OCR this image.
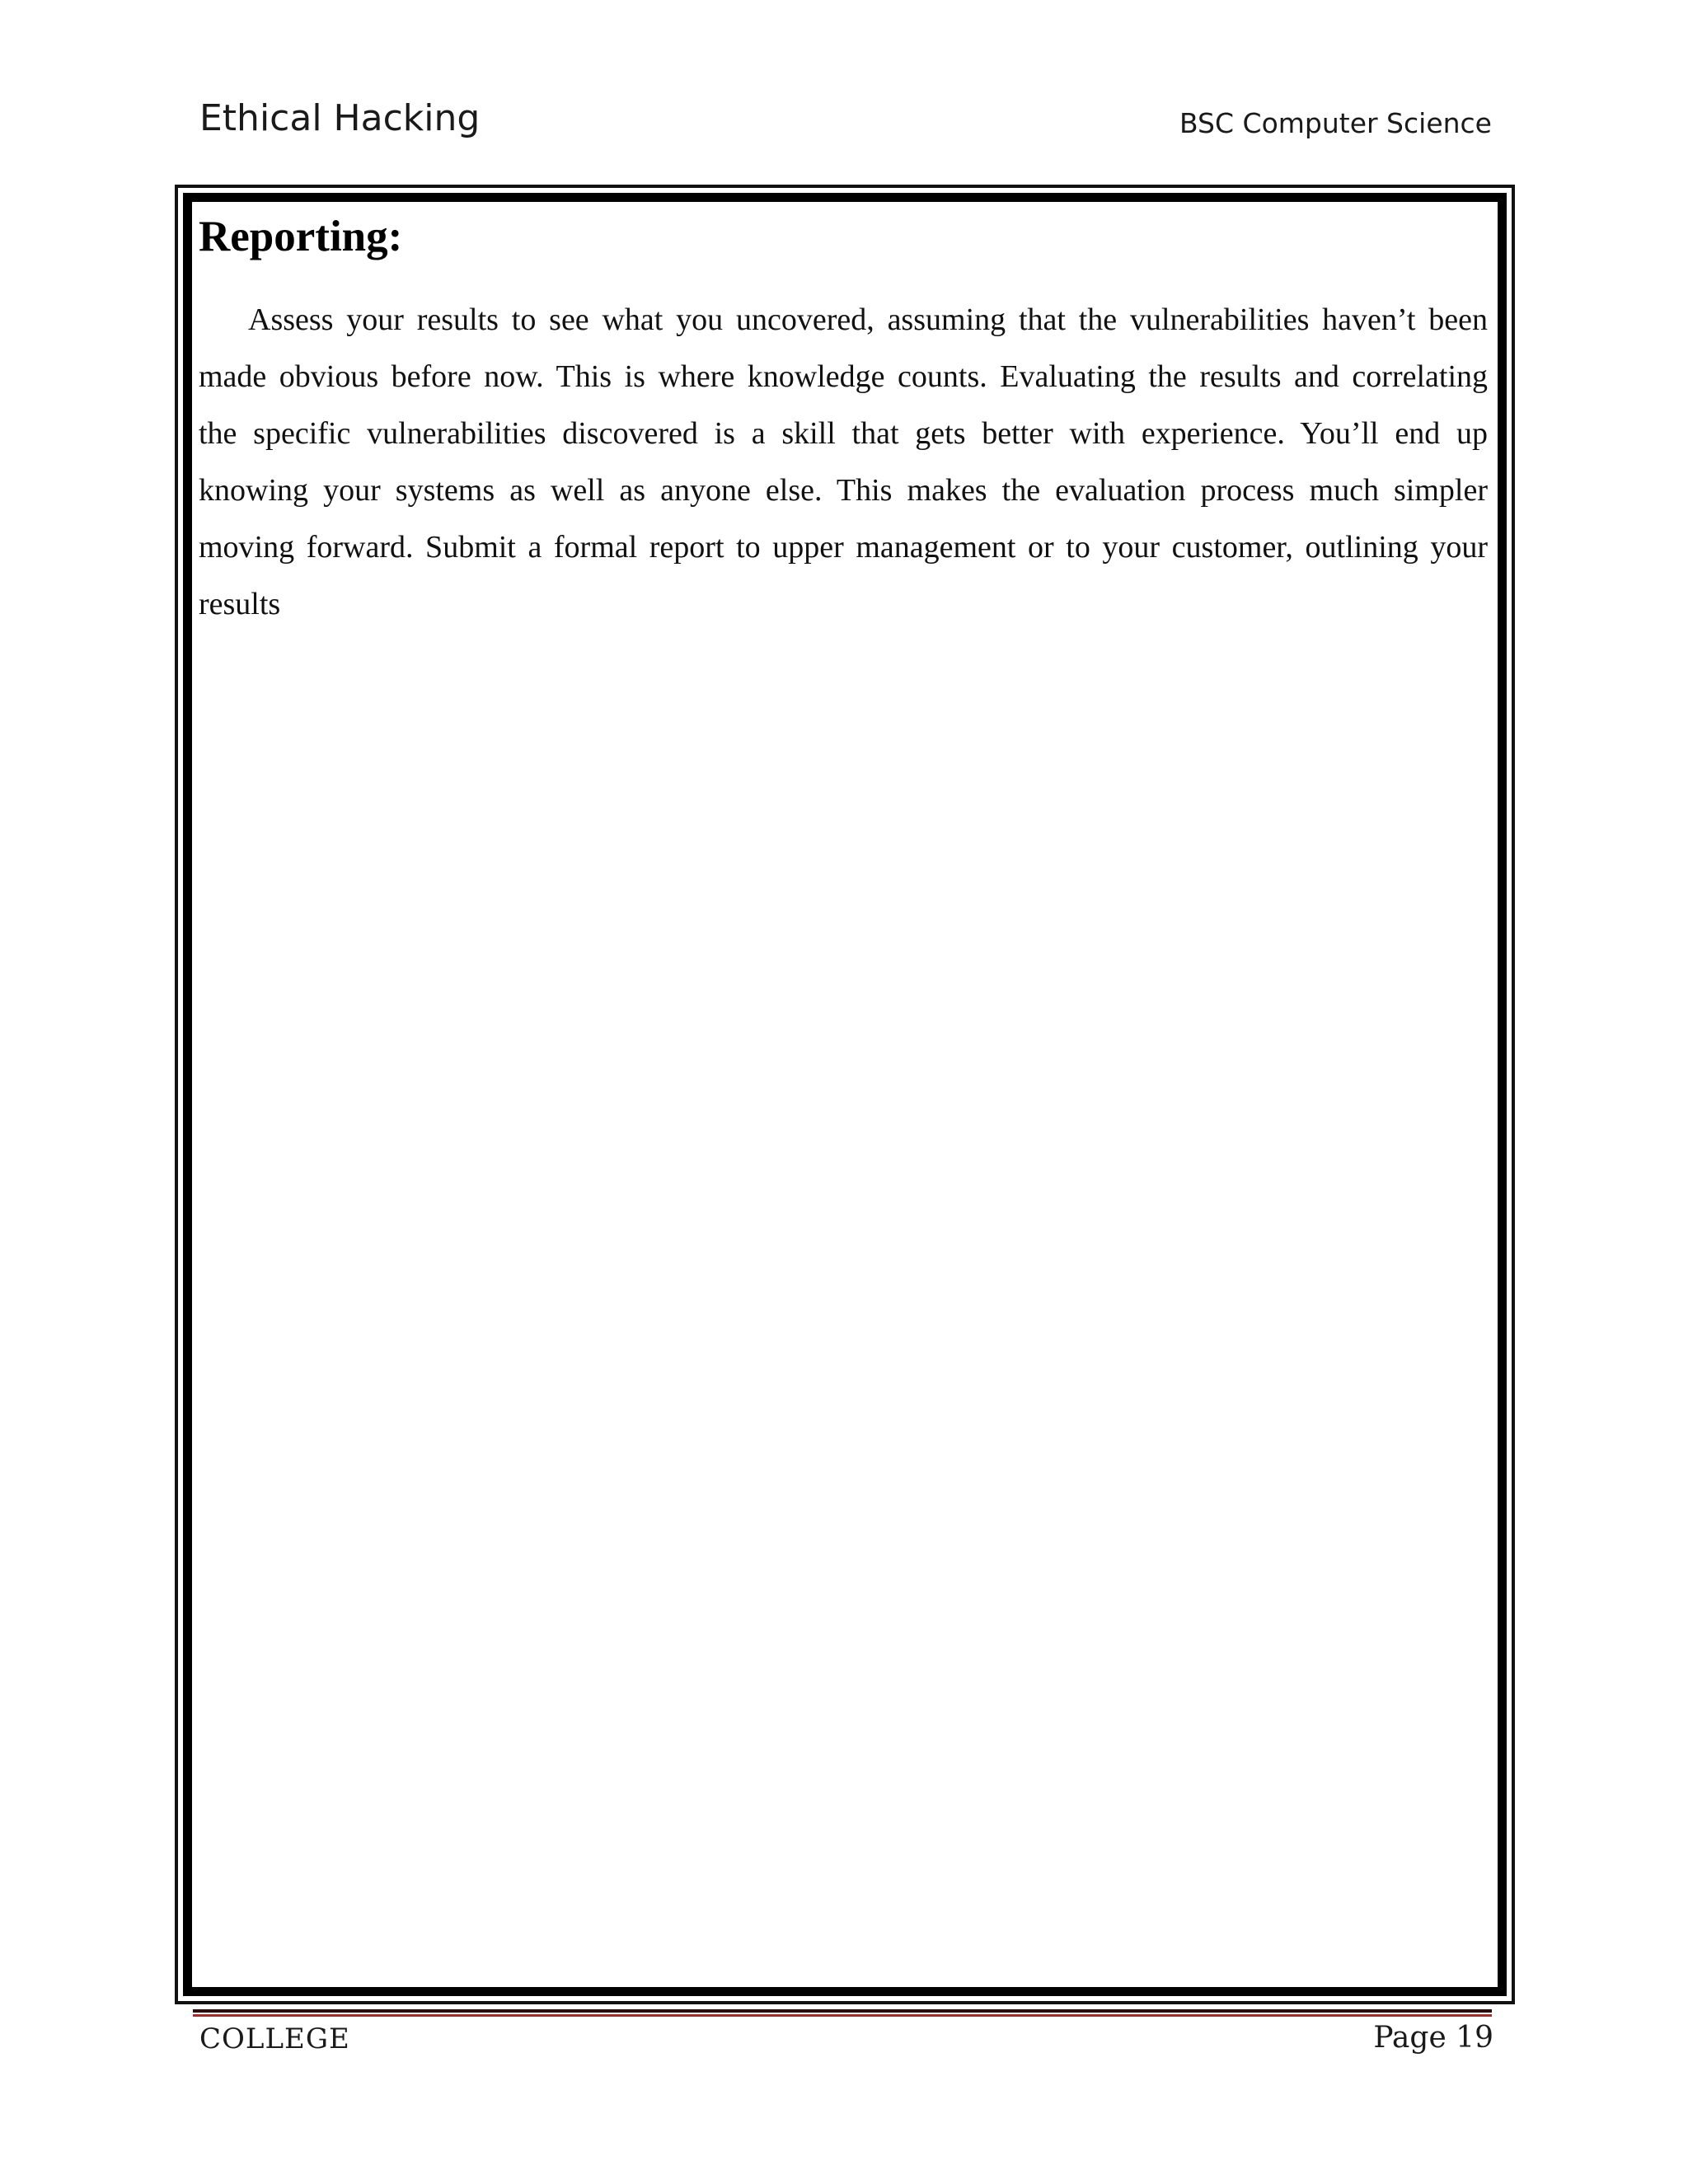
Ethical Hacking	BSC Computer Science
Reporting:

Assess your results to see what you uncovered, assuming that the vulnerabilities haven’t been made obvious before now. This is where knowledge counts. Evaluating the results and correlating the specific vulnerabilities discovered is a skill that gets better with experience. You’ll end up knowing your systems as well as anyone else. This makes the evaluation process much simpler moving forward. Submit a formal report to upper management or to your customer, outlining your results

COLLEGE	Page 19
